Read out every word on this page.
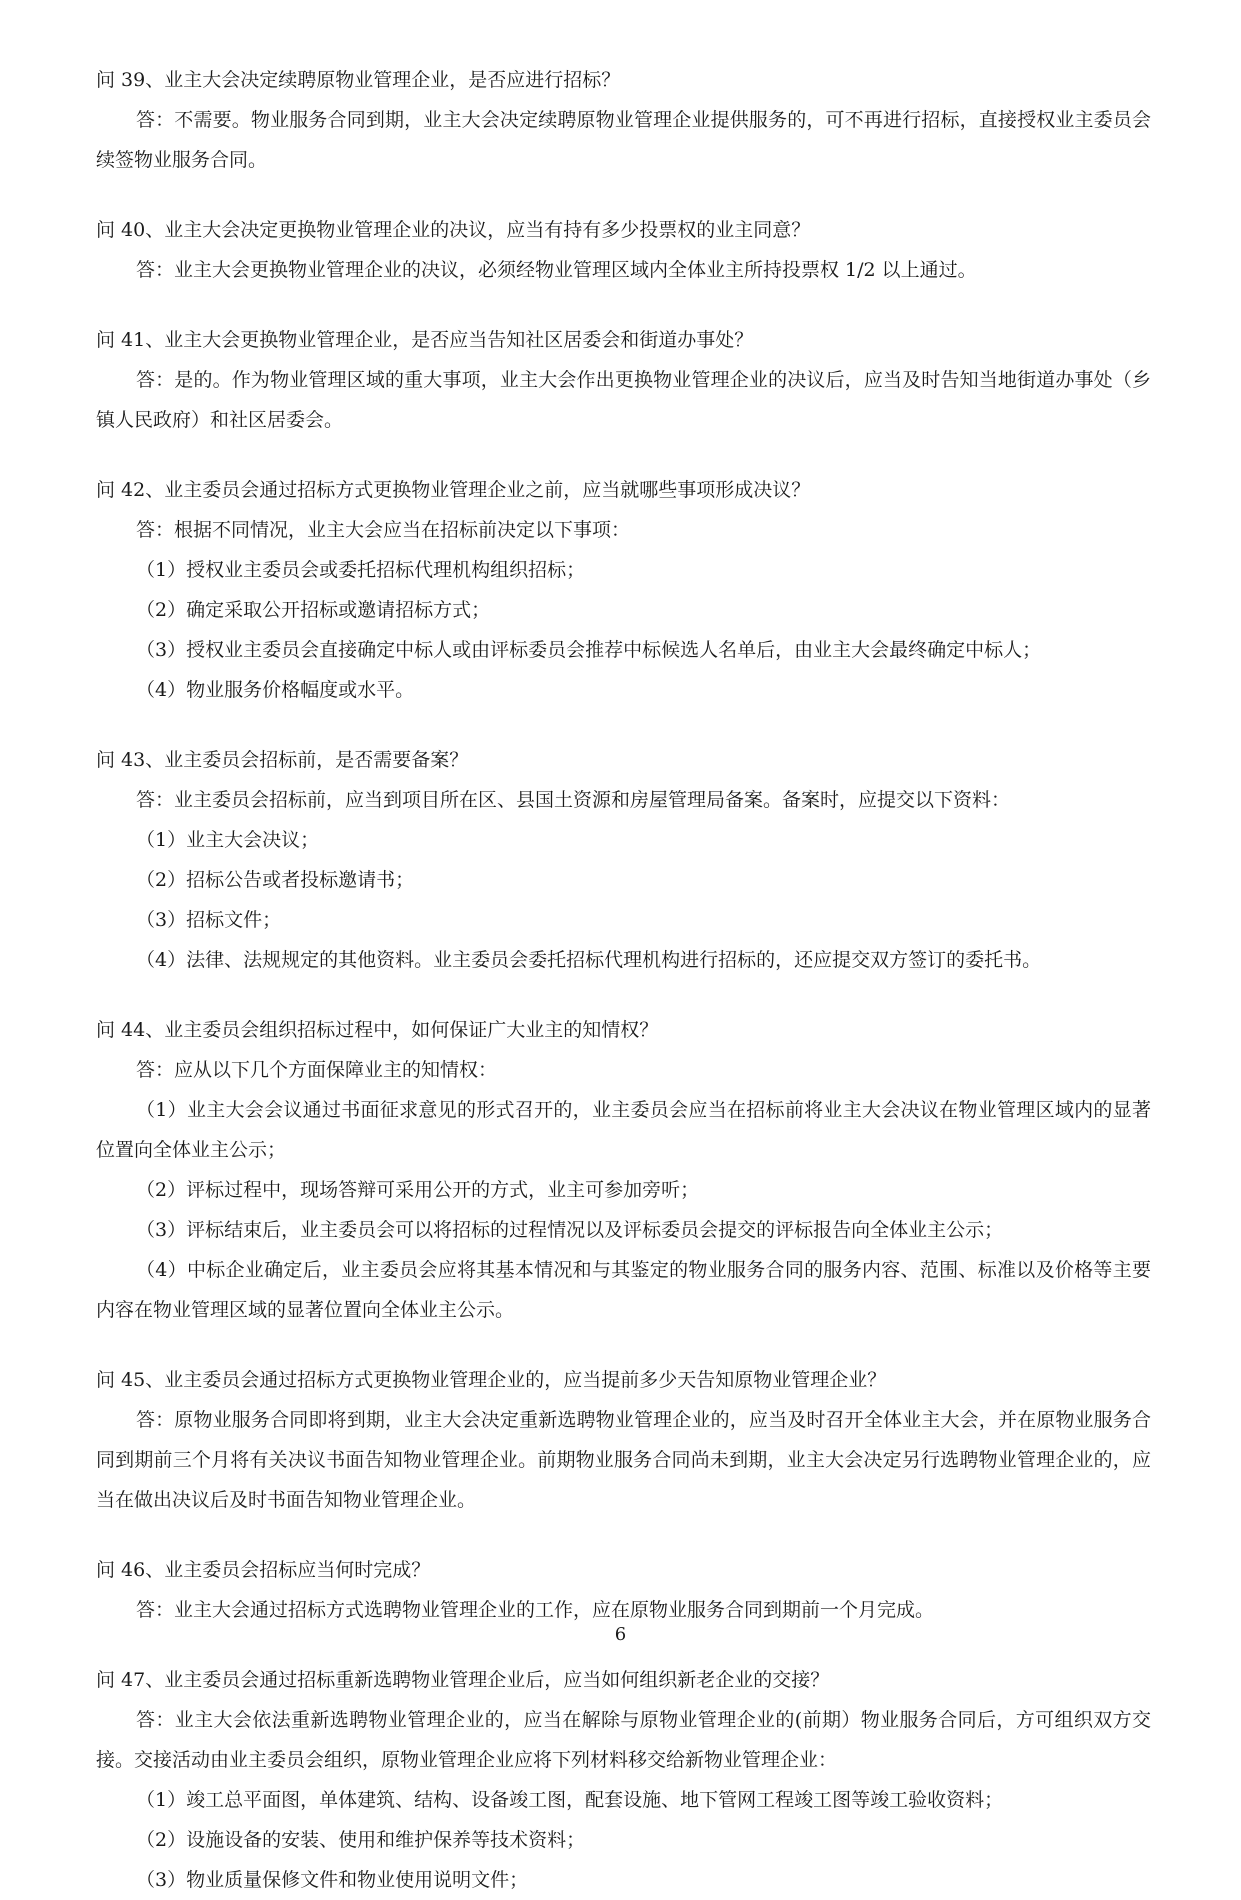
问 39、业主大会决定续聘原物业管理企业，是否应进行招标？

答：不需要。物业服务合同到期，业主大会决定续聘原物业管理企业提供服务的，可不再进行招标，直接授权业主委员会续签物业服务合同。

问 40、业主大会决定更换物业管理企业的决议，应当有持有多少投票权的业主同意？

答：业主大会更换物业管理企业的决议，必须经物业管理区域内全体业主所持投票权 1/2 以上通过。

问 41、业主大会更换物业管理企业，是否应当告知社区居委会和街道办事处？

答：是的。作为物业管理区域的重大事项，业主大会作出更换物业管理企业的决议后，应当及时告知当地街道办事处（乡镇人民政府）和社区居委会。

问 42、业主委员会通过招标方式更换物业管理企业之前，应当就哪些事项形成决议？

答：根据不同情况，业主大会应当在招标前决定以下事项：

（1）授权业主委员会或委托招标代理机构组织招标；

（2）确定采取公开招标或邀请招标方式；

（3）授权业主委员会直接确定中标人或由评标委员会推荐中标候选人名单后，由业主大会最终确定中标人；

（4）物业服务价格幅度或水平。

问 43、业主委员会招标前，是否需要备案？

答：业主委员会招标前，应当到项目所在区、县国土资源和房屋管理局备案。备案时，应提交以下资料：

（1）业主大会决议；

（2）招标公告或者投标邀请书；

（3）招标文件；

（4）法律、法规规定的其他资料。业主委员会委托招标代理机构进行招标的，还应提交双方签订的委托书。

问 44、业主委员会组织招标过程中，如何保证广大业主的知情权？

答：应从以下几个方面保障业主的知情权：

（1）业主大会会议通过书面征求意见的形式召开的，业主委员会应当在招标前将业主大会决议在物业管理区域内的显著位置向全体业主公示；

（2）评标过程中，现场答辩可采用公开的方式，业主可参加旁听；

（3）评标结束后，业主委员会可以将招标的过程情况以及评标委员会提交的评标报告向全体业主公示；

（4）中标企业确定后，业主委员会应将其基本情况和与其鉴定的物业服务合同的服务内容、范围、标准以及价格等主要内容在物业管理区域的显著位置向全体业主公示。

问 45、业主委员会通过招标方式更换物业管理企业的，应当提前多少天告知原物业管理企业？

答：原物业服务合同即将到期，业主大会决定重新选聘物业管理企业的，应当及时召开全体业主大会，并在原物业服务合同到期前三个月将有关决议书面告知物业管理企业。前期物业服务合同尚未到期，业主大会决定另行选聘物业管理企业的，应当在做出决议后及时书面告知物业管理企业。

问 46、业主委员会招标应当何时完成？

答：业主大会通过招标方式选聘物业管理企业的工作，应在原物业服务合同到期前一个月完成。

问 47、业主委员会通过招标重新选聘物业管理企业后，应当如何组织新老企业的交接？

答：业主大会依法重新选聘物业管理企业的，应当在解除与原物业管理企业的(前期）物业服务合同后，方可组织双方交接。交接活动由业主委员会组织，原物业管理企业应将下列材料移交给新物业管理企业：

（1）竣工总平面图，单体建筑、结构、设备竣工图，配套设施、地下管网工程竣工图等竣工验收资料；

（2）设施设备的安装、使用和维护保养等技术资料；

（3）物业质量保修文件和物业使用说明文件；

6
